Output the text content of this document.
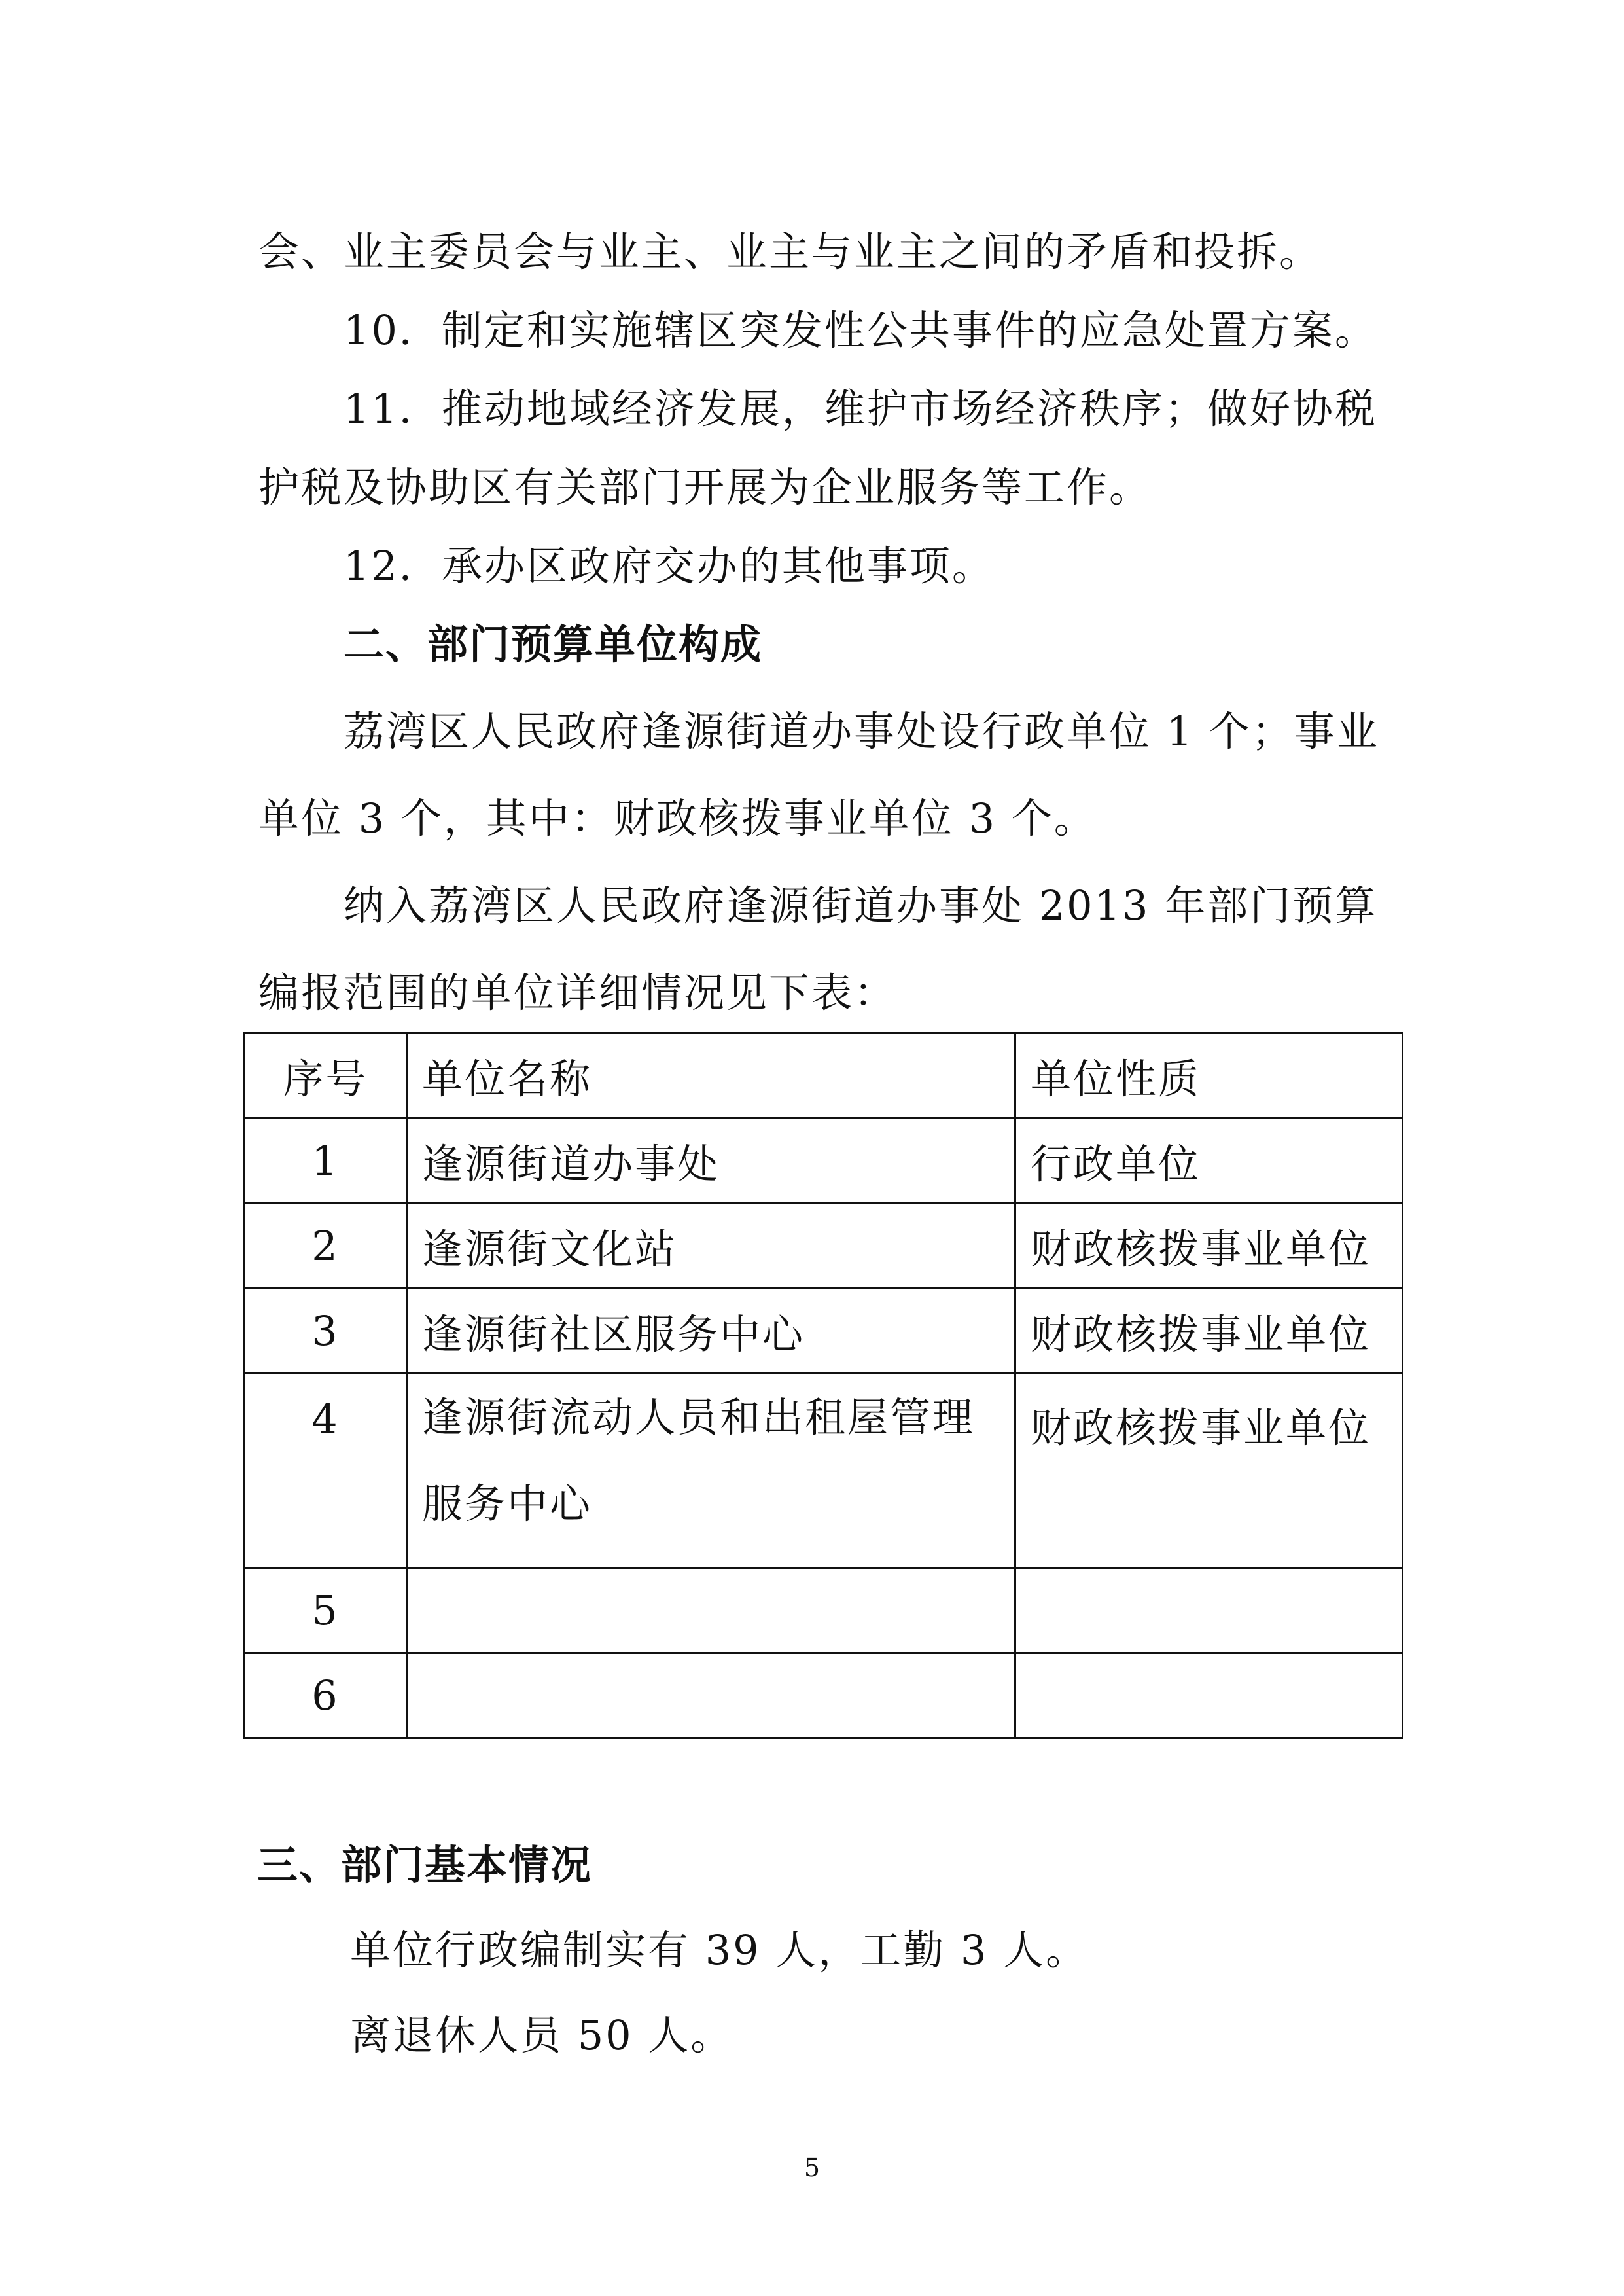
会、业主委员会与业主、业主与业主之间的矛盾和投拆。
10．制定和实施辖区突发性公共事件的应急处置方案。
11．推动地域经济发展，维护市场经济秩序；做好协税
护税及协助区有关部门开展为企业服务等工作。
12．承办区政府交办的其他事项。
二、部门预算单位构成
荔湾区人民政府逢源街道办事处设行政单位 1 个；事业
单位 3 个，其中：财政核拨事业单位 3 个。
纳入荔湾区人民政府逢源街道办事处 2013 年部门预算
编报范围的单位详细情况见下表：
序号	单位名称	单位性质
1	逢源街道办事处	行政单位
2	逢源街文化站	财政核拨事业单位
3	逢源街社区服务中心	财政核拨事业单位
4	逢源街流动人员和出租屋管理服务中心	财政核拨事业单位
5		
6		
三、部门基本情况
单位行政编制实有 39 人，工勤 3 人。
离退休人员 50 人。
5
